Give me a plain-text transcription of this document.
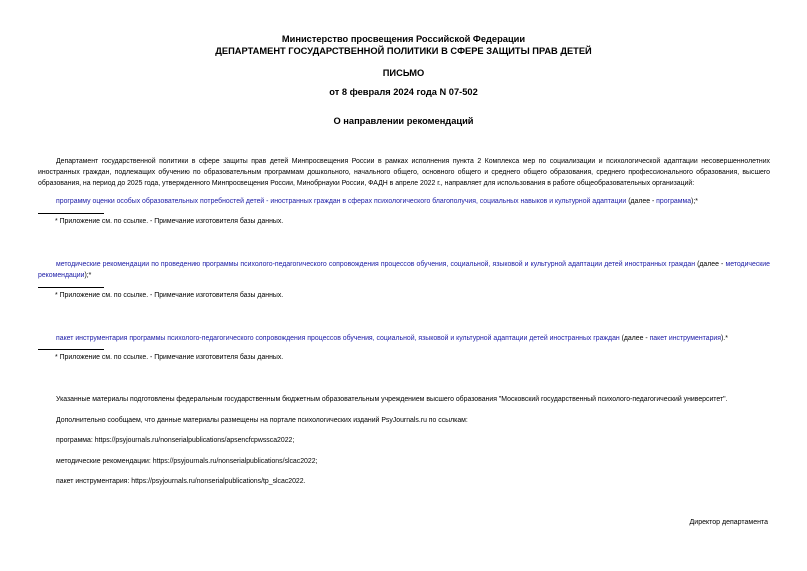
Министерство просвещения Российской Федерации
ДЕПАРТАМЕНТ ГОСУДАРСТВЕННОЙ ПОЛИТИКИ В СФЕРЕ ЗАЩИТЫ ПРАВ ДЕТЕЙ
ПИСЬМО
от 8 февраля 2024 года N 07-502
О направлении рекомендаций
Департамент государственной политики в сфере защиты прав детей Минпросвещения России в рамках исполнения пункта 2 Комплекса мер по социализации и психологической адаптации несовершеннолетних иностранных граждан, подлежащих обучению по образовательным программам дошкольного, начального общего, основного общего и среднего общего образования, среднего профессионального образования, высшего образования, на период до 2025 года, утвержденного Минпросвещения России, Минобрнауки России, ФАДН в апреле 2022 г., направляет для использования в работе общеобразовательных организаций:
программу оценки особых образовательных потребностей детей - иностранных граждан в сферах психологического благополучия, социальных навыков и культурной адаптации (далее - программа);*
* Приложение см. по ссылке. - Примечание изготовителя базы данных.
методические рекомендации по проведению программы психолого-педагогического сопровождения процессов обучения, социальной, языковой и культурной адаптации детей иностранных граждан (далее - методические рекомендации);*
* Приложение см. по ссылке. - Примечание изготовителя базы данных.
пакет инструментария программы психолого-педагогического сопровождения процессов обучения, социальной, языковой и культурной адаптации детей иностранных граждан (далее - пакет инструментария).*
* Приложение см. по ссылке. - Примечание изготовителя базы данных.
Указанные материалы подготовлены федеральным государственным бюджетным образовательным учреждением высшего образования "Московский государственный психолого-педагогический университет".
Дополнительно сообщаем, что данные материалы размещены на портале психологических изданий PsyJournals.ru по ссылкам:
программа: https://psyjournals.ru/nonserialpublications/apsencfcpwssca2022;
методические рекомендации: https://psyjournals.ru/nonserialpublications/slcac2022;
пакет инструментария: https://psyjournals.ru/nonserialpublications/tp_slcac2022.
Директор департамента
